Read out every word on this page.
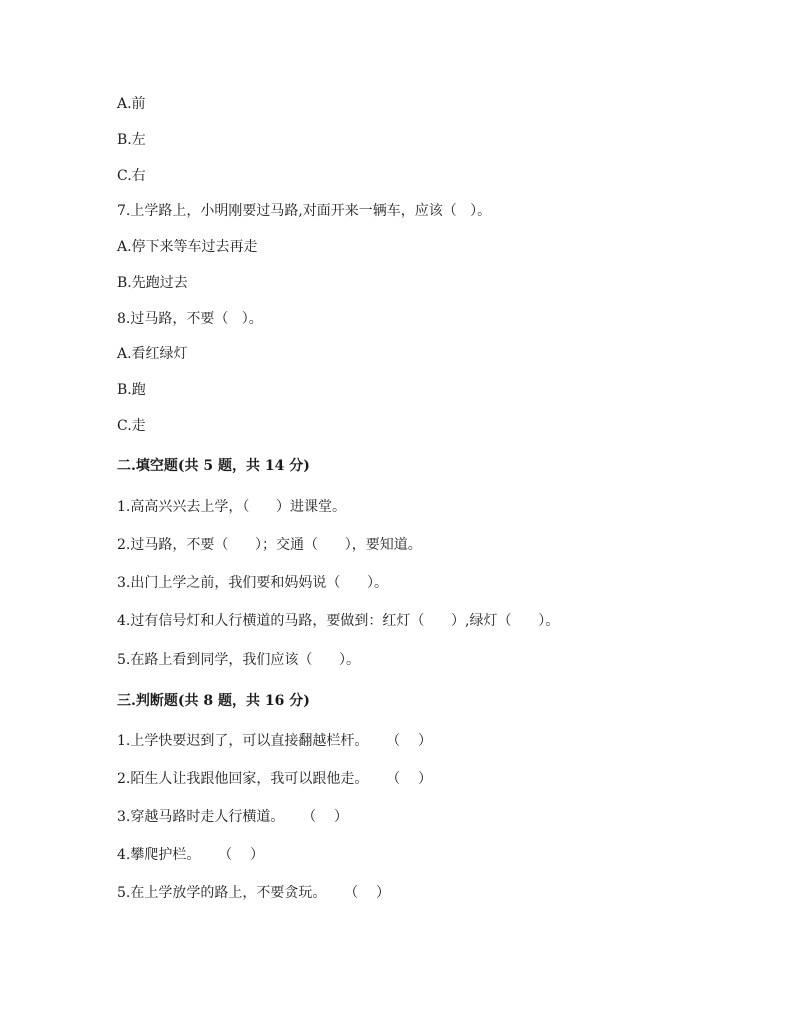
A.前
B.左
C.右
7.上学路上，小明刚要过马路,对面开来一辆车，应该（   ）。
A.停下来等车过去再走
B.先跑过去
8.过马路，不要（   ）。
A.看红绿灯
B.跑
C.走
二.填空题(共 5 题，共 14 分)
1.高高兴兴去上学，（      ）进课堂。
2.过马路，不要（      ）；交通（      ），要知道。
3.出门上学之前，我们要和妈妈说（      ）。
4.过有信号灯和人行横道的马路，要做到：红灯（      ）,绿灯（      ）。
5.在路上看到同学，我们应该（      ）。
三.判断题(共 8 题，共 16 分)
1.上学快要迟到了，可以直接翻越栏杆。    （    ）
2.陌生人让我跟他回家，我可以跟他走。    （    ）
3.穿越马路时走人行横道。    （    ）
4.攀爬护栏。    （    ）
5.在上学放学的路上，不要贪玩。    （    ）
